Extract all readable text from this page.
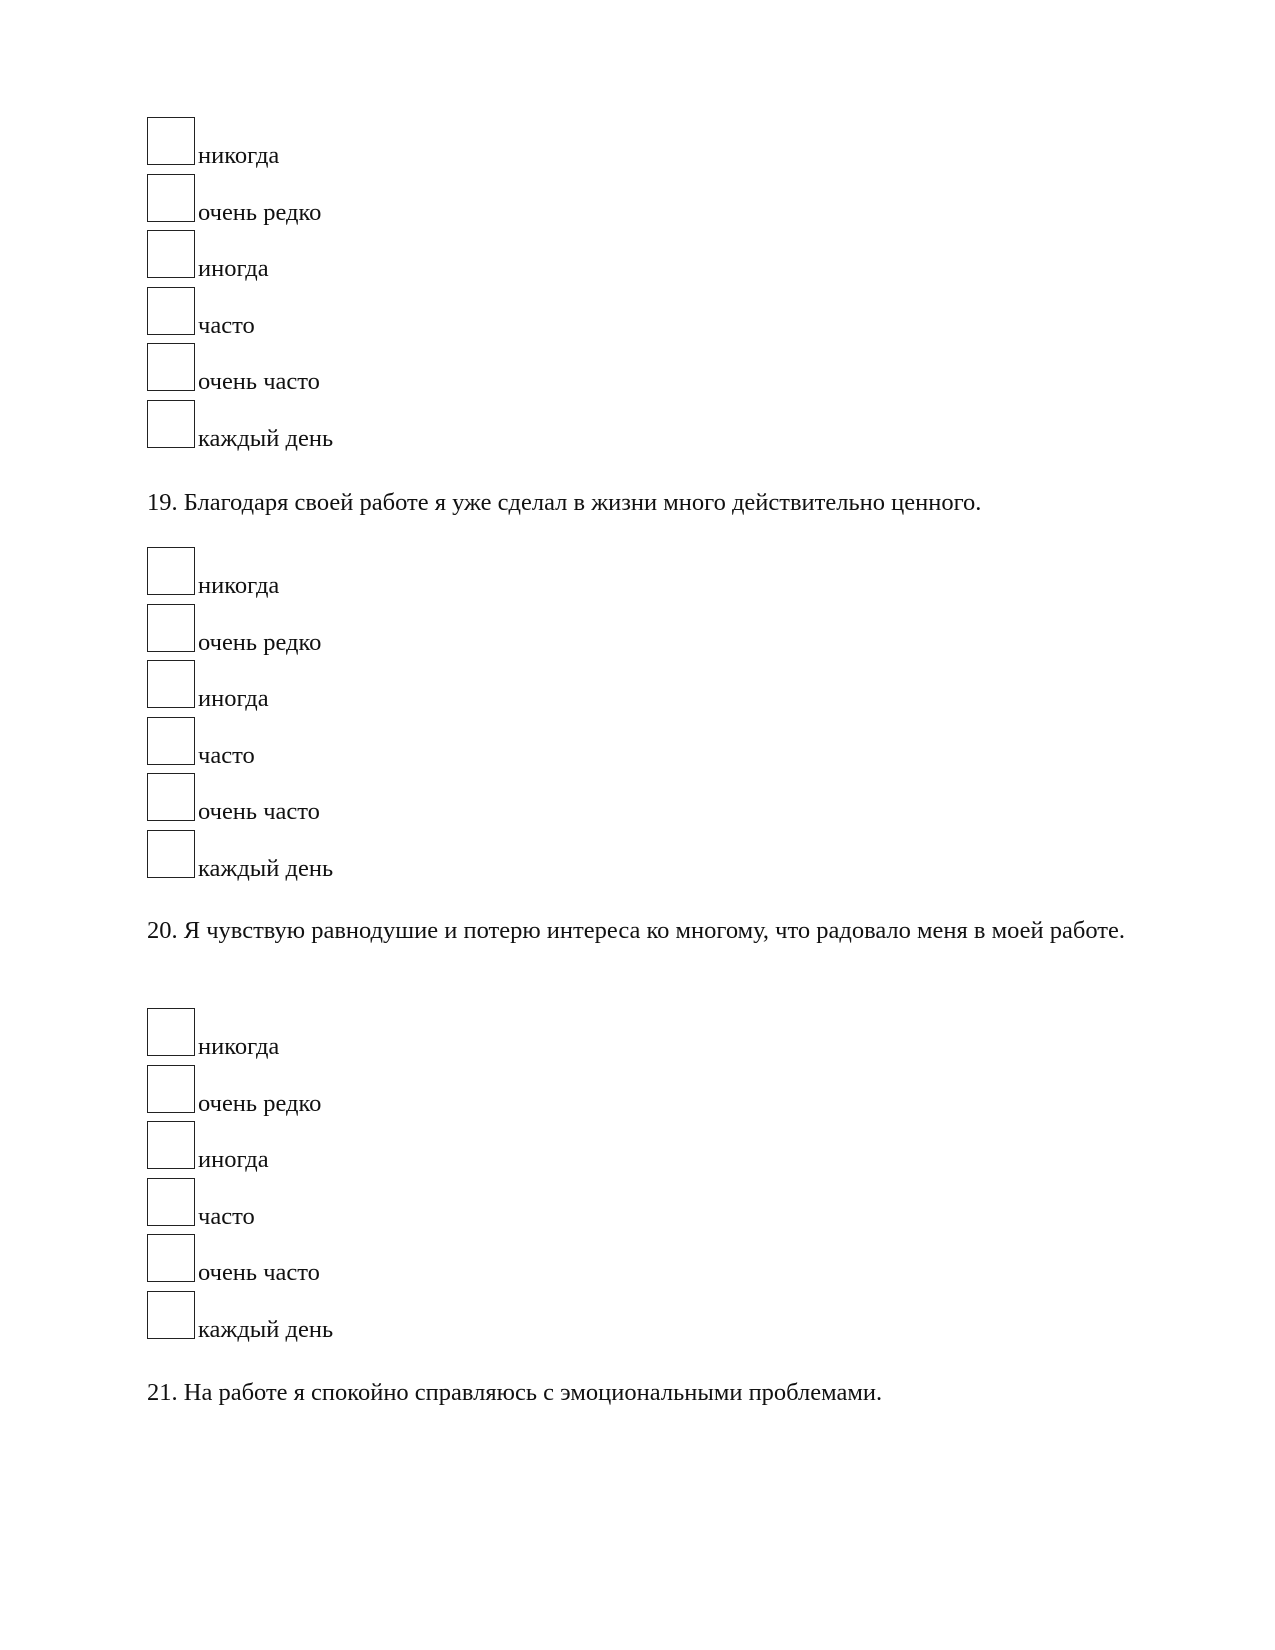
никогда
очень редко
иногда
часто
очень часто
каждый день
19. Благодаря своей работе я уже сделал в жизни много действительно ценного.
никогда
очень редко
иногда
часто
очень часто
каждый день
20. Я чувствую равнодушие и потерю интереса ко многому, что радовало меня в моей работе.
никогда
очень редко
иногда
часто
очень часто
каждый день
21. На работе я спокойно справляюсь с эмоциональными проблемами.
